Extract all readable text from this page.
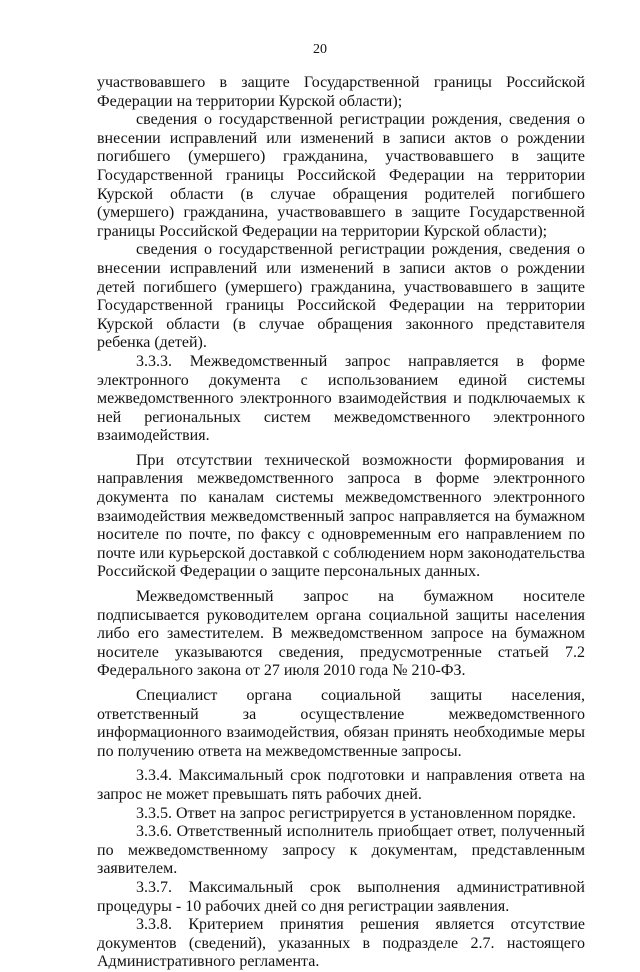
20

участвовавшего в защите Государственной границы Российской Федерации на территории Курской области);

сведения о государственной регистрации рождения, сведения о внесении исправлений или изменений в записи актов о рождении погибшего (умершего) гражданина, участвовавшего в защите Государственной границы Российской Федерации на территории Курской области (в случае обращения родителей погибшего (умершего) гражданина, участвовавшего в защите Государственной границы Российской Федерации на территории Курской области);

сведения о государственной регистрации рождения, сведения о внесении исправлений или изменений в записи актов о рождении детей погибшего (умершего) гражданина, участвовавшего в защите Государственной границы Российской Федерации на территории Курской области (в случае обращения законного представителя ребенка (детей).

3.3.3. Межведомственный запрос направляется в форме электронного документа с использованием единой системы межведомственного электронного взаимодействия и подключаемых к ней региональных систем межведомственного электронного взаимодействия.

При отсутствии технической возможности формирования и направления межведомственного запроса в форме электронного документа по каналам системы межведомственного электронного взаимодействия межведомственный запрос направляется на бумажном носителе по почте, по факсу с одновременным его направлением по почте или курьерской доставкой с соблюдением норм законодательства Российской Федерации о защите персональных данных.

Межведомственный запрос на бумажном носителе подписывается руководителем органа социальной защиты населения либо его заместителем. В межведомственном запросе на бумажном носителе указываются сведения, предусмотренные статьей 7.2 Федерального закона от 27 июля 2010 года № 210-ФЗ.

Специалист органа социальной защиты населения, ответственный за осуществление межведомственного информационного взаимодействия, обязан принять необходимые меры по получению ответа на межведомственные запросы.

3.3.4. Максимальный срок подготовки и направления ответа на запрос не может превышать пять рабочих дней.

3.3.5. Ответ на запрос регистрируется в установленном порядке.

3.3.6. Ответственный исполнитель приобщает ответ, полученный по межведомственному запросу к документам, представленным заявителем.

3.3.7. Максимальный срок выполнения административной процедуры - 10 рабочих дней со дня регистрации заявления.

3.3.8. Критерием принятия решения является отсутствие документов (сведений), указанных в подразделе 2.7. настоящего Административного регламента.
